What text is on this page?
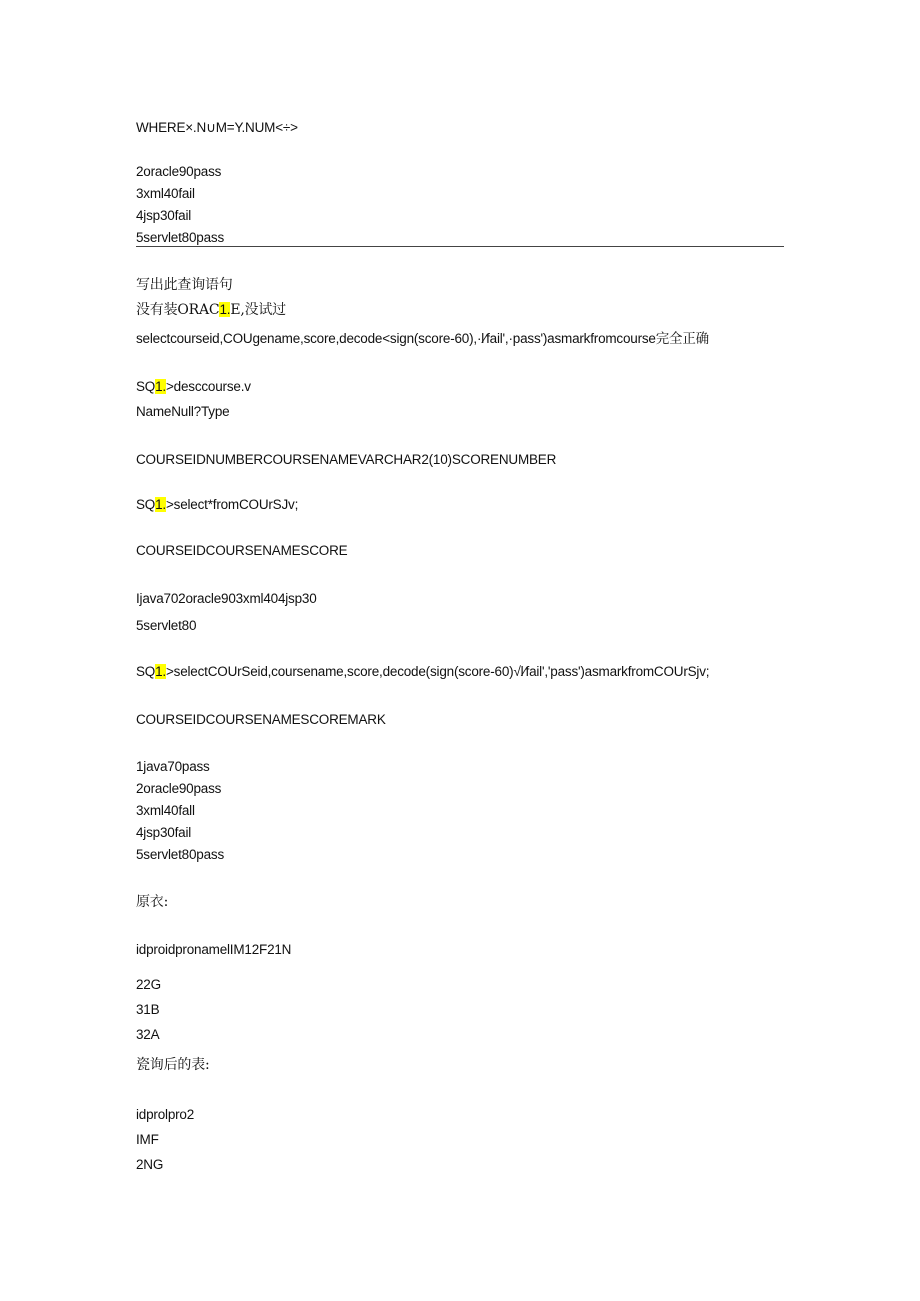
WHERE×.N∪M=Y.NUM<÷>
2oracle90pass
3xml40fail
4jsp30fail
5servlet80pass
写出此查询语句
没有装ORAC1.E,没试过
selectcourseid,COUgename,score,decode<sign(score-60),·l∕fail',·pass')asmarkfromcourse完全正确
SQ1.>desccourse.v
NameNull?Type
COURSEIDNUMBERCOURSENAMEVARCHAR2(10)SCORENUMBER
SQ1.>select*fromCOUrSJv;
COURSEIDCOURSENAMESCORE
Ijava702oracle903xml404jsp30
5servlet80
SQ1.>selectCOUrSeid,coursename,score,decode(sign(score-60)√l∕fail','pass')asmarkfromCOUrSjv;
COURSEIDCOURSENAMESCOREMARK
1java70pass
2oracle90pass
3xml40fall
4jsp30fail
5servlet80pass
原衣:
idproidpronamelIM12F21N
22G
31B
32A
瓷询后的表:
idprolpro2
IMF
2NG
